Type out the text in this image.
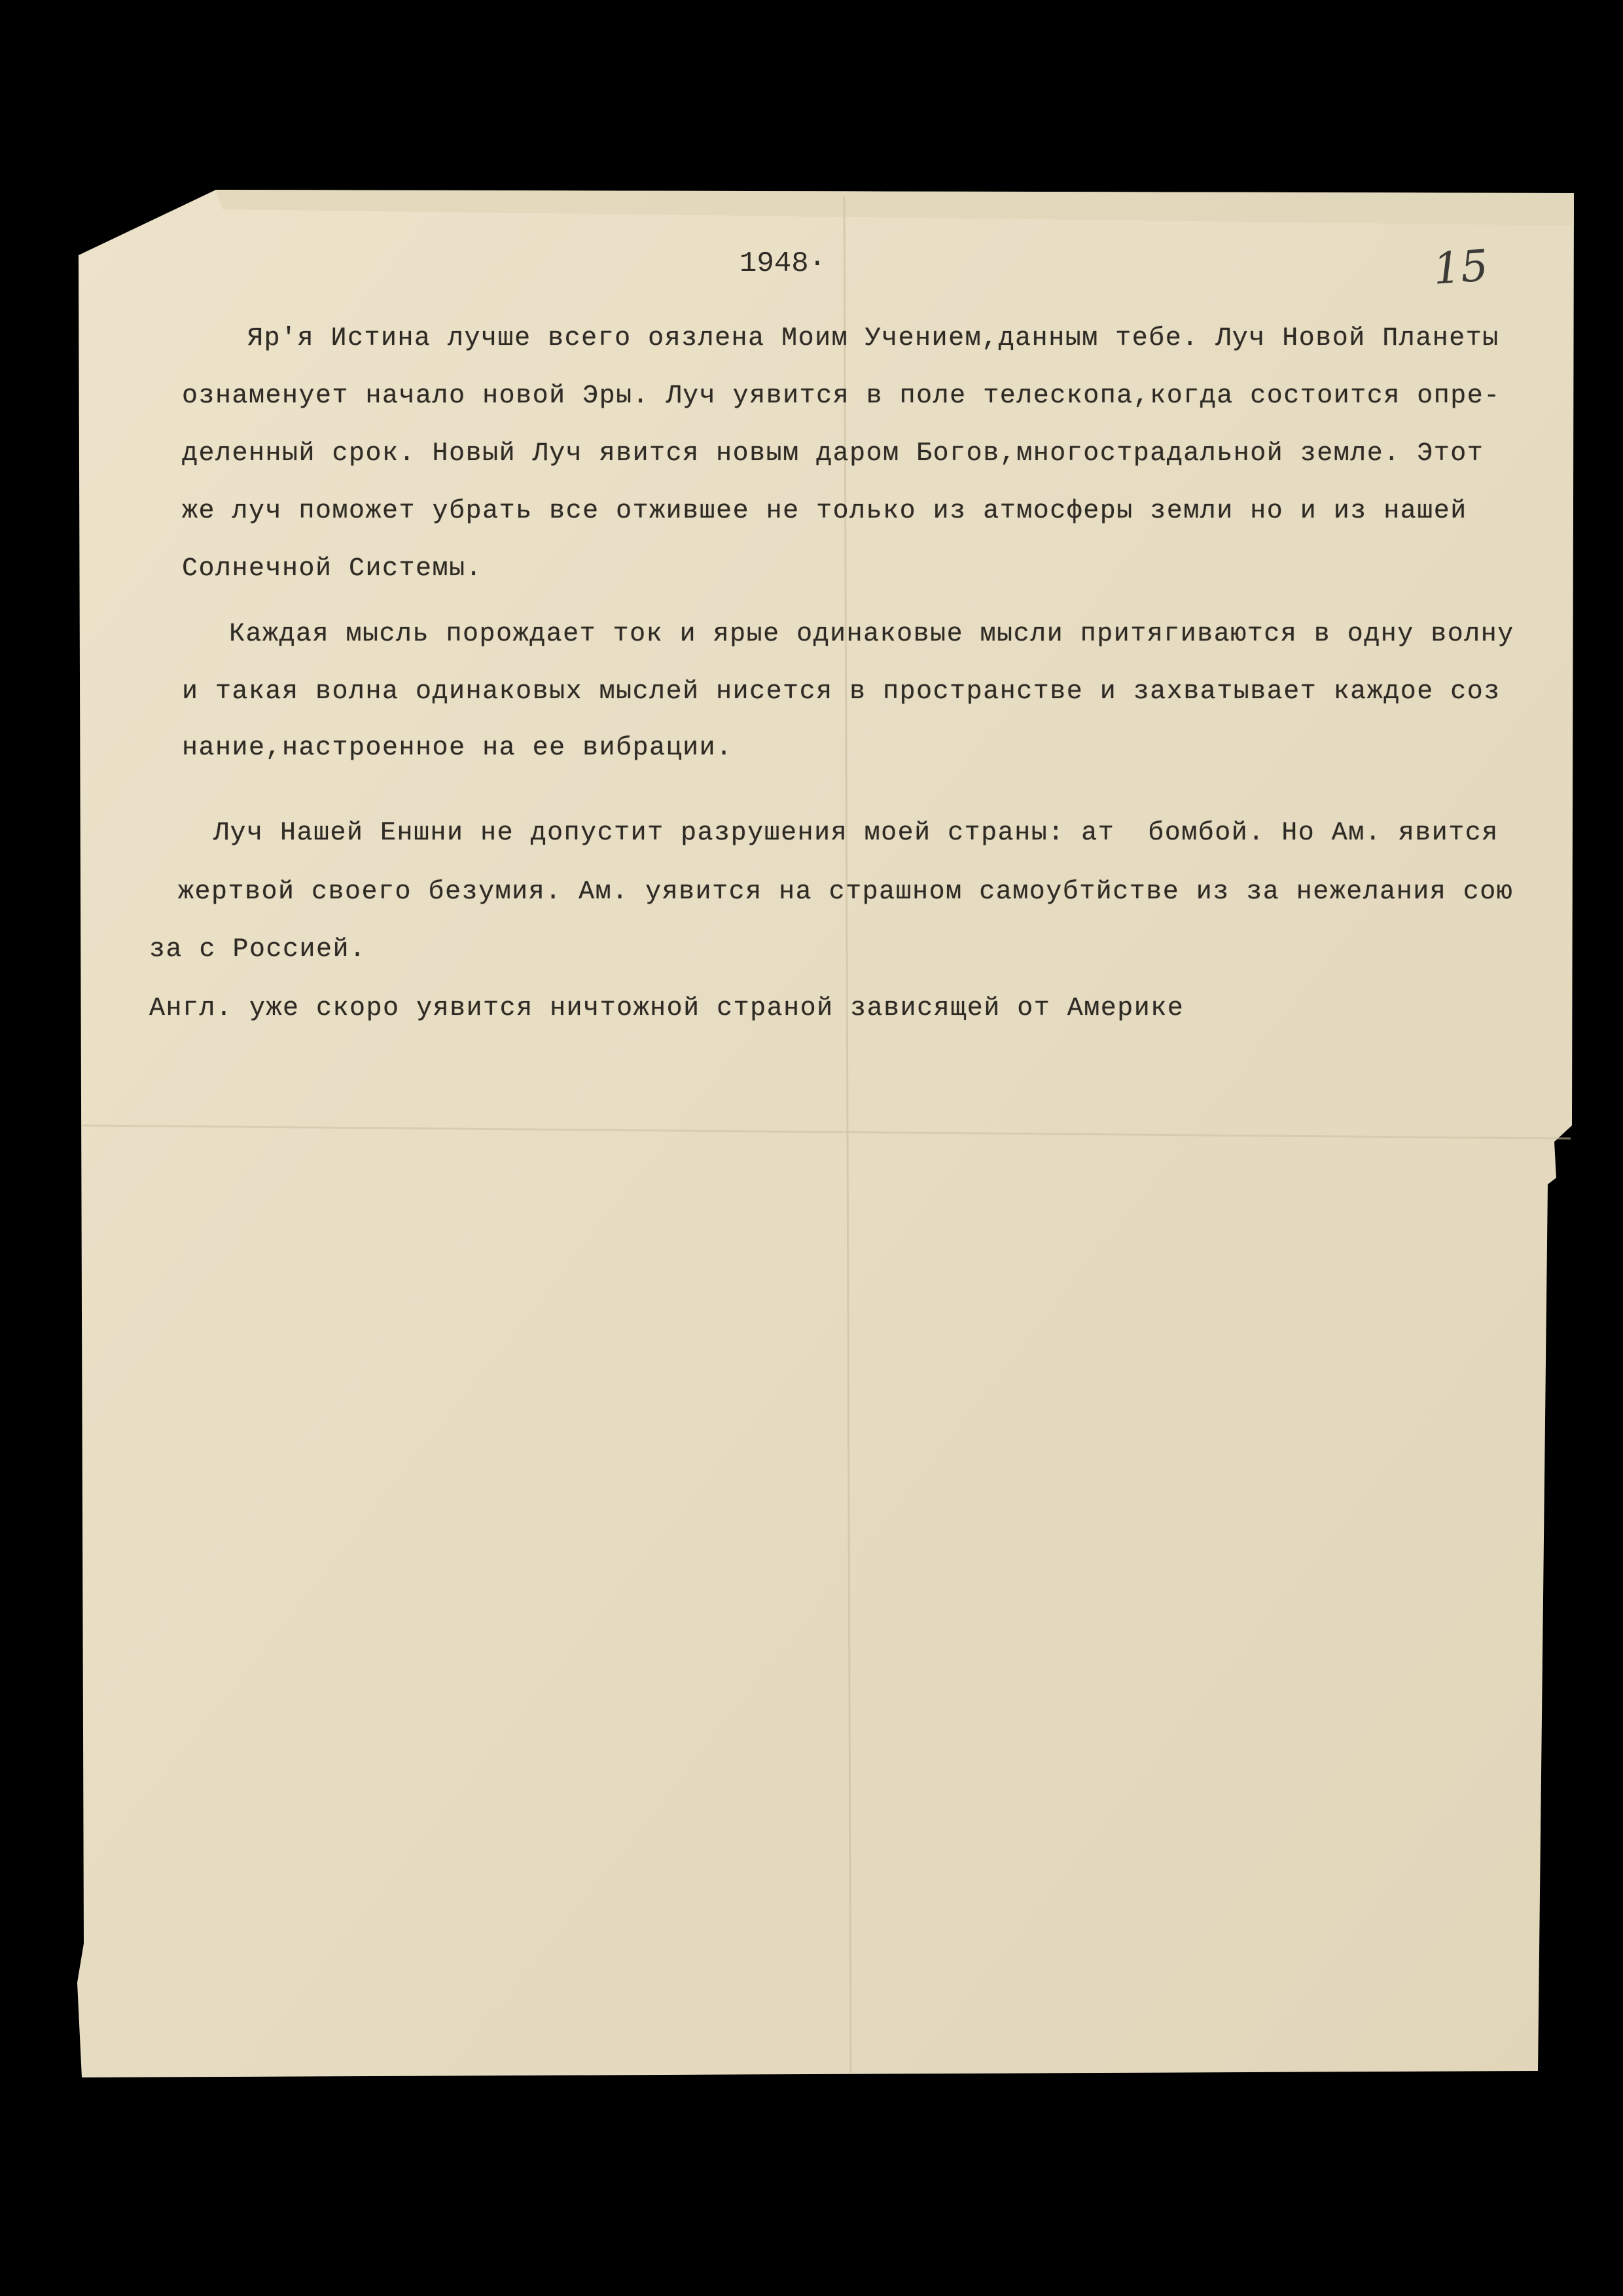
1948·	15
Яр'я Истина лучше всего оязлена Моим Учением,данным тебе. Луч Новой Планеты
ознаменует начало новой Эры. Луч уявится в поле телескопа,когда состоится опре-
деленный срок. Новый Луч явится новым даром Богов,многострадальной земле. Этот
же луч поможет убрать все отжившее не только из атмосферы земли но и из нашей
Солнечной Системы.
Каждая мысль порождает ток и ярые одинаковые мысли притягиваются в одну волну
и такая волна одинаковых мыслей нисется в пространстве и захватывает каждое соз
нание,настроенное на ее вибрации.
Луч Нашей Еншни не допустит разрушения моей страны: ат  бомбой. Но Ам. явится
жертвой своего безумия. Ам. уявится на страшном самоубтйстве из за нежелания сою
за с Россией.
Англ. уже скоро уявится ничтожной страной зависящей от Америке
